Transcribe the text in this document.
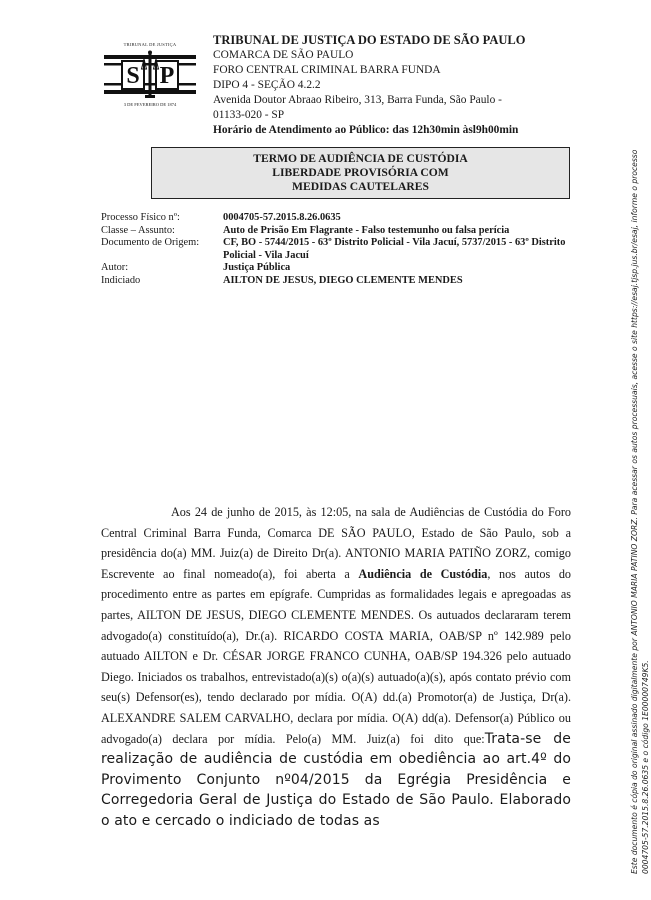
TRIBUNAL DE JUSTIÇA
S P
3 DE FEVEREIRO DE 1874
TRIBUNAL DE JUSTIÇA DO ESTADO DE SÃO PAULO
COMARCA DE SÃO PAULO
FORO CENTRAL CRIMINAL BARRA FUNDA
DIPO 4 - SEÇÃO 4.2.2
Avenida Doutor Abraao Ribeiro, 313, Barra Funda, São Paulo -
01133-020 - SP
Horário de Atendimento ao Público: das 12h30min àsl9h00min
TERMO DE AUDIÊNCIA DE CUSTÓDIA
LIBERDADE PROVISÓRIA COM
MEDIDAS CAUTELARES
Processo Físico nº:	0004705-57.2015.8.26.0635
Classe – Assunto:	Auto de Prisão Em Flagrante - Falso testemunho ou falsa perícia
Documento de Origem:	CF, BO - 5744/2015 - 63º Distrito Policial - Vila Jacuí, 5737/2015 - 63º Distrito Policial - Vila Jacuí
Autor:	Justiça Pública
Indiciado	AILTON DE JESUS, DIEGO CLEMENTE MENDES

Aos 24 de junho de 2015, às 12:05, na sala de Audiências de Custódia do Foro Central Criminal Barra Funda, Comarca DE SÃO PAULO, Estado de São Paulo, sob a presidência do(a) MM. Juiz(a) de Direito Dr(a). ANTONIO MARIA PATIÑO ZORZ, comigo Escrevente ao final nomeado(a), foi aberta a Audiência de Custódia, nos autos do procedimento entre as partes em epígrafe. Cumpridas as formalidades legais e apregoadas as partes, AILTON DE JESUS, DIEGO CLEMENTE MENDES. Os autuados declararam terem advogado(a) constituído(a), Dr.(a). RICARDO COSTA MARIA, OAB/SP nº 142.989 pelo autuado AILTON e Dr. CÉSAR JORGE FRANCO CUNHA, OAB/SP 194.326 pelo autuado Diego. Iniciados os trabalhos, entrevistado(a)(s) o(a)(s) autuado(a)(s), após contato prévio com seu(s) Defensor(es), tendo declarado por mídia. O(A) dd.(a) Promotor(a) de Justiça, Dr(a). ALEXANDRE SALEM CARVALHO, declara por mídia. O(A) dd(a). Defensor(a) Público ou advogado(a) declara por mídia. Pelo(a) MM. Juiz(a) foi dito que:Trata-se de realização de audiência de custódia em obediência ao art.4º do Provimento Conjunto nº04/2015 da Egrégia Presidência e Corregedoria Geral de Justiça do Estado de São Paulo. Elaborado o ato e cercado o indiciado de todas as	Este documento é cópia do original assinado digitalmente por ANTONIO MARIA PATINO ZORZ. Para acessar os autos processuais, acesse o site https://esaj.tjsp.jus.br/esaj, informe o processo 0004705-57.2015.8.26.0635 e o código 1E00000749K5.
